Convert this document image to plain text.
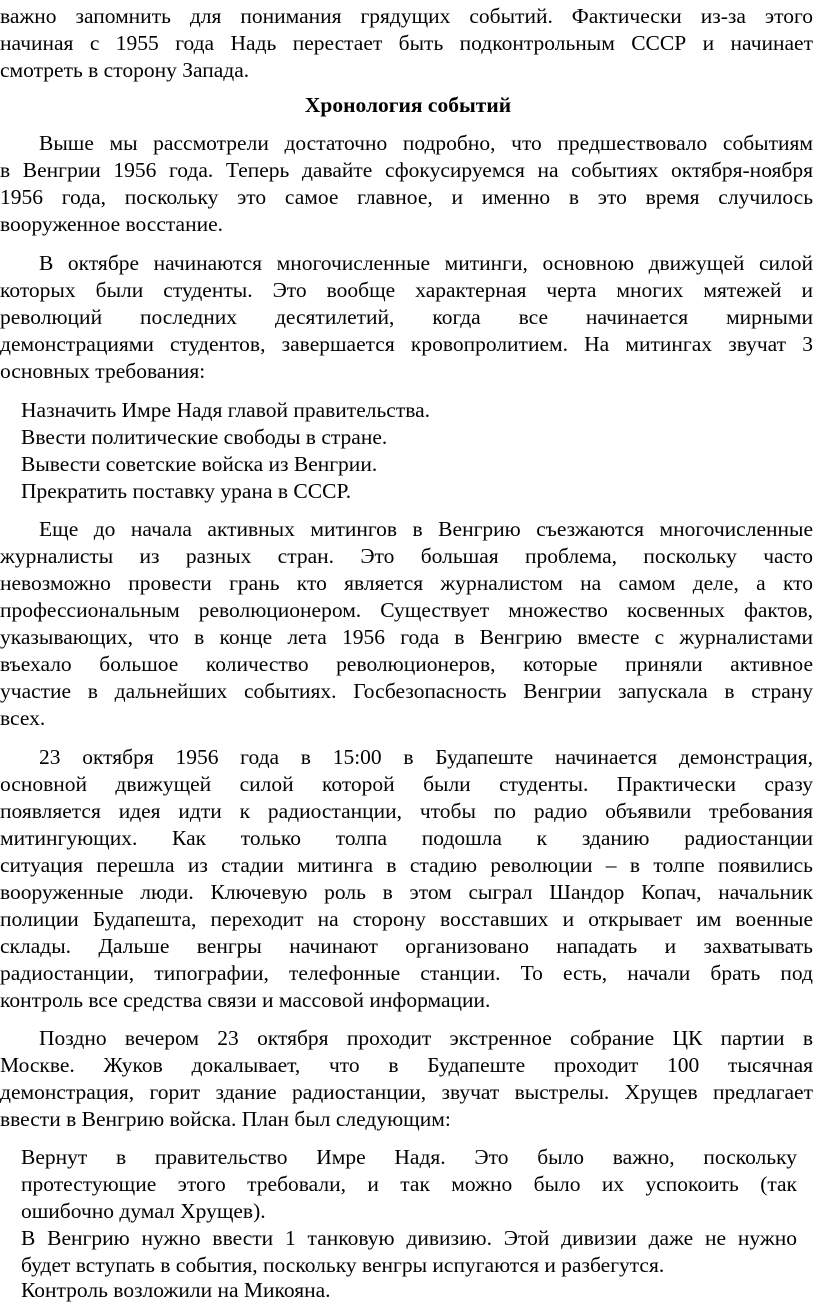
важно запомнить для понимания грядущих событий. Фактически из-за этого
начиная с 1955 года Надь перестает быть подконтрольным СССР и начинает
смотреть в сторону Запада.
Хронология событий
Выше мы рассмотрели достаточно подробно, что предшествовало событиям
в Венгрии 1956 года. Теперь давайте сфокусируемся на событиях октября-ноября
1956 года, поскольку это самое главное, и именно в это время случилось
вооруженное восстание.
В октябре начинаются многочисленные митинги, основною движущей силой
которых были студенты. Это вообще характерная черта многих мятежей и
революций последних десятилетий, когда все начинается мирными
демонстрациями студентов, завершается кровопролитием. На митингах звучат 3
основных требования:
Назначить Имре Надя главой правительства.
Ввести политические свободы в стране.
Вывести советские войска из Венгрии.
Прекратить поставку урана в СССР.
Еще до начала активных митингов в Венгрию съезжаются многочисленные
журналисты из разных стран. Это большая проблема, поскольку часто
невозможно провести грань кто является журналистом на самом деле, а кто
профессиональным революционером. Существует множество косвенных фактов,
указывающих, что в конце лета 1956 года в Венгрию вместе с журналистами
въехало большое количество революционеров, которые приняли активное
участие в дальнейших событиях. Госбезопасность Венгрии запускала в страну
всех.
23 октября 1956 года в 15:00 в Будапеште начинается демонстрация,
основной движущей силой которой были студенты. Практически сразу
появляется идея идти к радиостанции, чтобы по радио объявили требования
митингующих. Как только толпа подошла к зданию радиостанции
ситуация перешла из стадии митинга в стадию революции – в толпе появились
вооруженные люди. Ключевую роль в этом сыграл Шандор Копач, начальник
полиции Будапешта, переходит на сторону восставших и открывает им военные
склады. Дальше венгры начинают организовано нападать и захватывать
радиостанции, типографии, телефонные станции. То есть, начали брать под
контроль все средства связи и массовой информации.
Поздно вечером 23 октября проходит экстренное собрание ЦК партии в
Москве. Жуков докалывает, что в Будапеште проходит 100 тысячная
демонстрация, горит здание радиостанции, звучат выстрелы. Хрущев предлагает
ввести в Венгрию войска. План был следующим:
Вернут в правительство Имре Надя. Это было важно, поскольку
протестующие этого требовали, и так можно было их успокоить (так
ошибочно думал Хрущев).
В Венгрию нужно ввести 1 танковую дивизию. Этой дивизии даже не нужно
будет вступать в события, поскольку венгры испугаются и разбегутся.
Контроль возложили на Микояна.
